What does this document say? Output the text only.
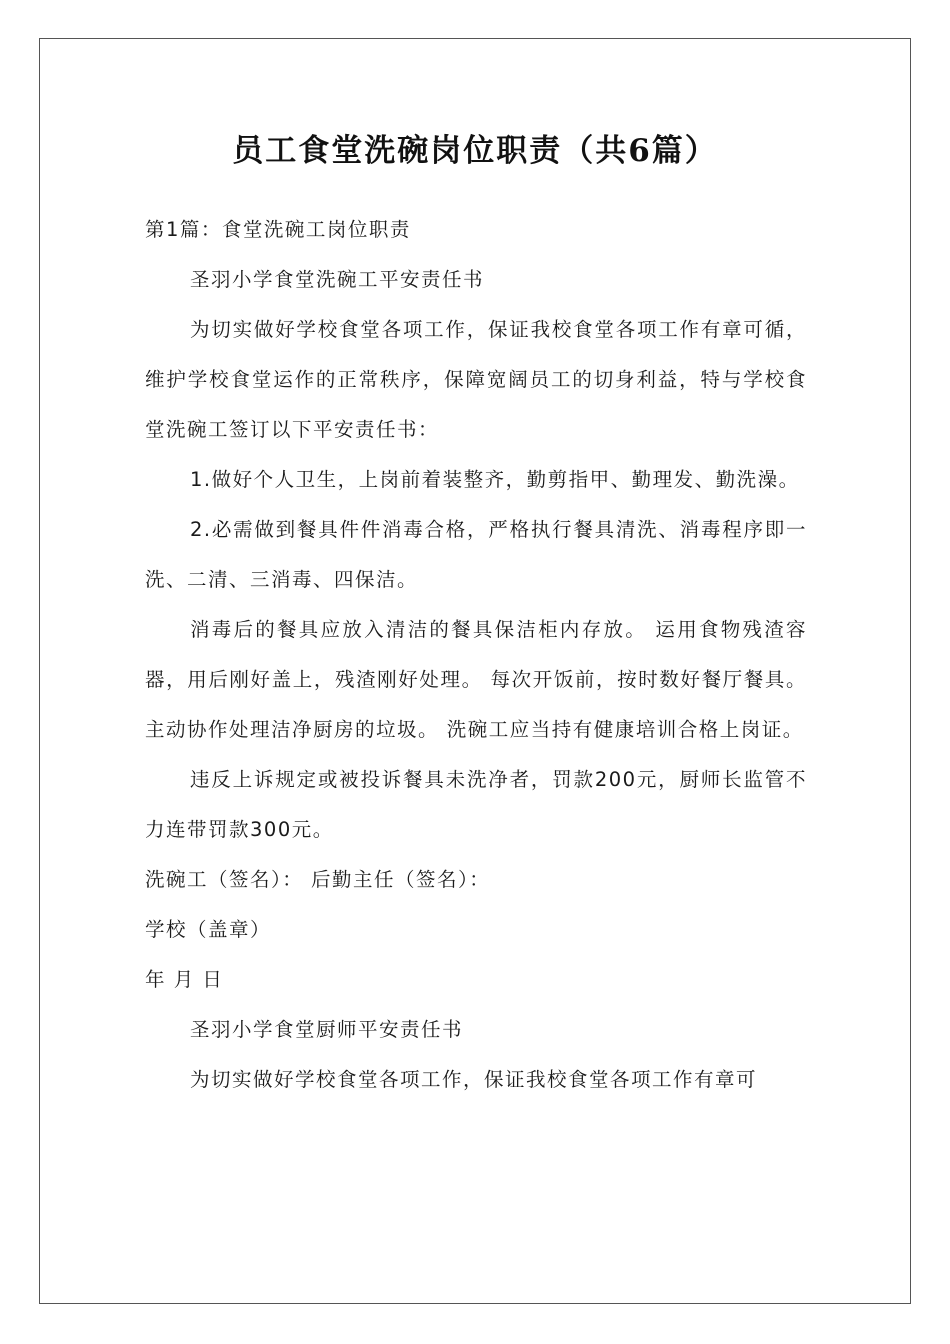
员工食堂洗碗岗位职责（共6篇）

第1篇：食堂洗碗工岗位职责

圣羽小学食堂洗碗工平安责任书

为切实做好学校食堂各项工作，保证我校食堂各项工作有章可循，维护学校食堂运作的正常秩序，保障宽阔员工的切身利益，特与学校食堂洗碗工签订以下平安责任书：

1.做好个人卫生，上岗前着装整齐，勤剪指甲、勤理发、勤洗澡。

2.必需做到餐具件件消毒合格，严格执行餐具清洗、消毒程序即一洗、二清、三消毒、四保洁。

消毒后的餐具应放入清洁的餐具保洁柜内存放。 运用食物残渣容器，用后刚好盖上，残渣刚好处理。 每次开饭前，按时数好餐厅餐具。 主动协作处理洁净厨房的垃圾。 洗碗工应当持有健康培训合格上岗证。

违反上诉规定或被投诉餐具未洗净者，罚款200元，厨师长监管不力连带罚款300元。

洗碗工（签名）： 后勤主任（签名）：

学校（盖章）

年 月 日

圣羽小学食堂厨师平安责任书

为切实做好学校食堂各项工作，保证我校食堂各项工作有章可
